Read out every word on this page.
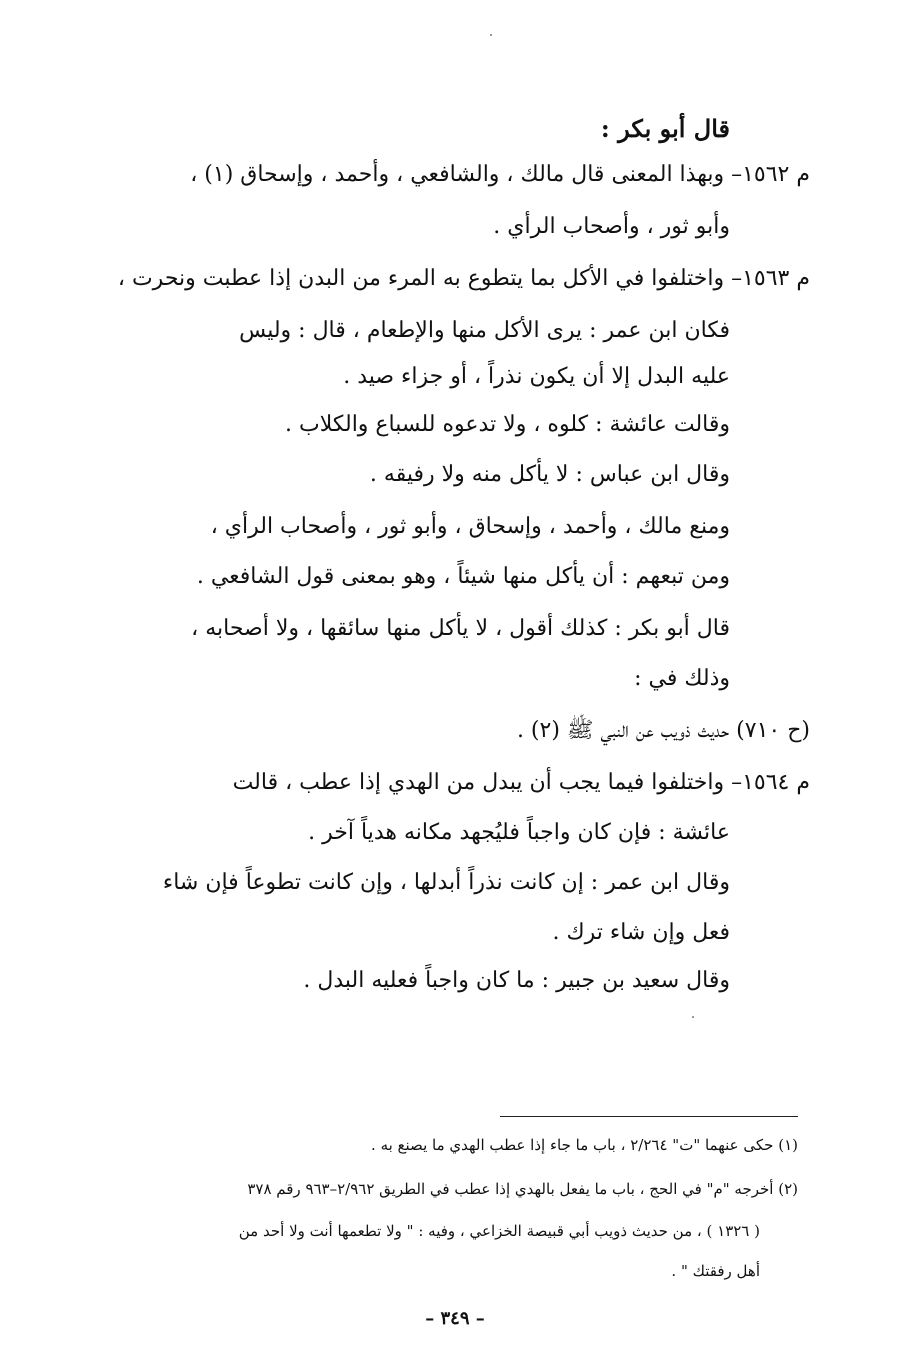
قال أبو بكر :
م ١٥٦٢– وبهذا المعنى قال مالك ، والشافعي ، وأحمد ، وإسحاق (١) ،
وأبو ثور ، وأصحاب الرأي .
م ١٥٦٣– واختلفوا في الأكل بما يتطوع به المرء من البدن إذا عطبت ونحرت ،
فكان ابن عمر : يرى الأكل منها والإطعام ، قال : وليس
عليه البدل إلا أن يكون نذراً ، أو جزاء صيد .
وقالت عائشة : كلوه ، ولا تدعوه للسباع والكلاب .
وقال ابن عباس : لا يأكل منه ولا رفيقه .
ومنع مالك ، وأحمد ، وإسحاق ، وأبو ثور ، وأصحاب الرأي ،
ومن تبعهم : أن يأكل منها شيئاً ، وهو بمعنى قول الشافعي .
قال أبو بكر : كذلك أقول ، لا يأكل منها سائقها ، ولا أصحابه ،
وذلك في :
(ح ٧١٠) حديث ذويب عن النبي ﷺ (٢) .
م ١٥٦٤– واختلفوا فيما يجب أن يبدل من الهدي إذا عطب ، قالت
عائشة : فإن كان واجباً فليُجهد مكانه هدياً آخر .
وقال ابن عمر : إن كانت نذراً أبدلها ، وإن كانت تطوعاً فإن شاء
فعل وإن شاء ترك .
وقال سعيد بن جبير : ما كان واجباً فعليه البدل .
(١) حكى عنهما "ت" ٢/٢٦٤ ، باب ما جاء إذا عطب الهدي ما يصنع به .
(٢) أخرجه "م" في الحج ، باب ما يفعل بالهدي إذا عطب في الطريق ٢/٩٦٢–٩٦٣ رقم ٣٧٨
( ١٣٢٦ ) ، من حديث ذويب أبي قبيصة الخزاعي ، وفيه : " ولا تطعمها أنت ولا أحد من
أهل رفقتك " .
– ٣٤٩ –
